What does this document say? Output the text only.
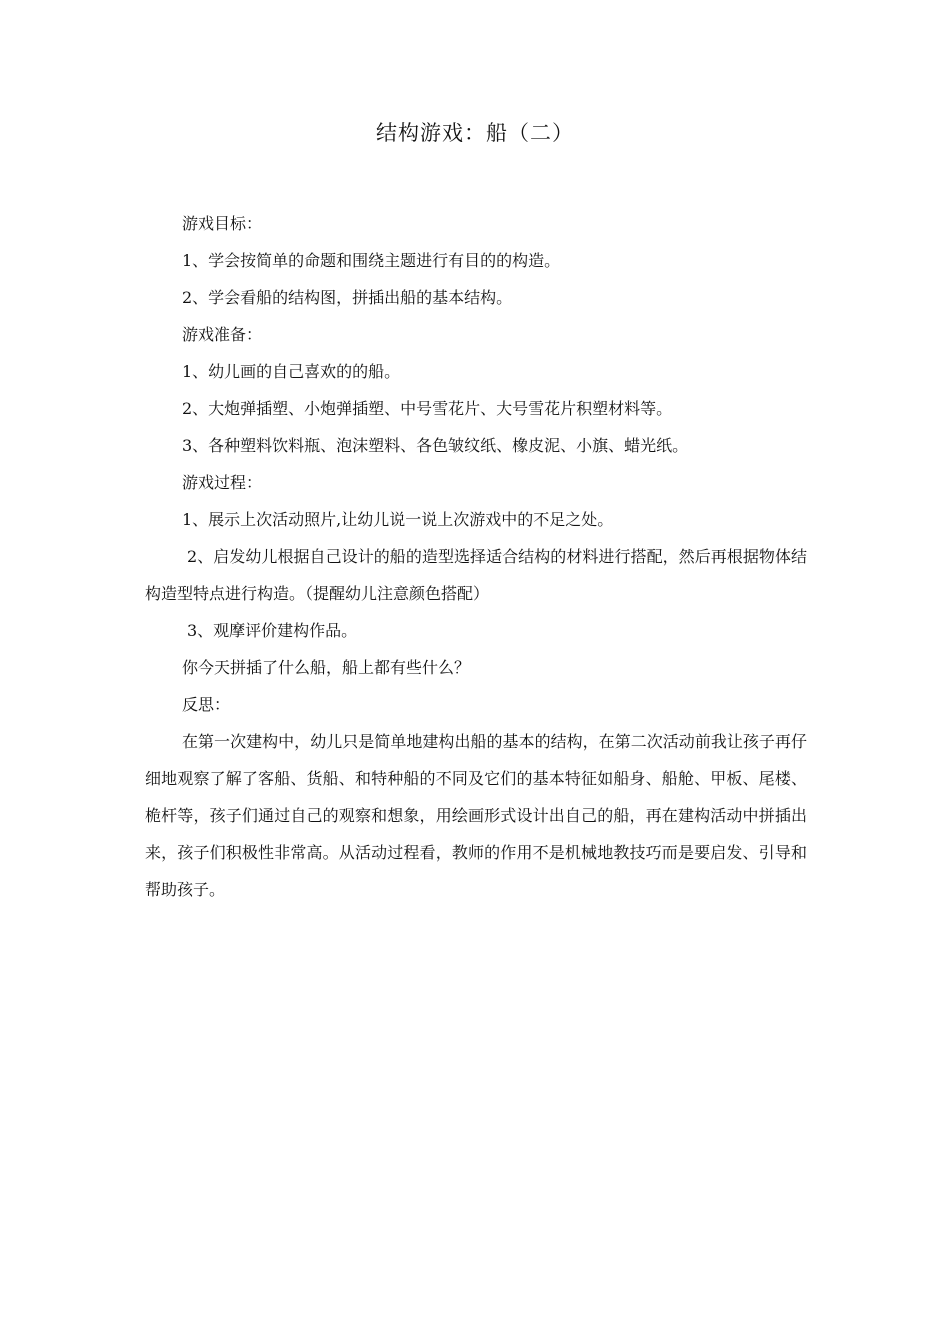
结构游戏：船（二）

游戏目标：

1、学会按简单的命题和围绕主题进行有目的的构造。

2、学会看船的结构图，拼插出船的基本结构。

游戏准备：

1、幼儿画的自己喜欢的的船。

2、大炮弹插塑、小炮弹插塑、中号雪花片、大号雪花片积塑材料等。

3、各种塑料饮料瓶、泡沫塑料、各色皱纹纸、橡皮泥、小旗、蜡光纸。

游戏过程：

1、展示上次活动照片,让幼儿说一说上次游戏中的不足之处。

2、启发幼儿根据自己设计的船的造型选择适合结构的材料进行搭配，然后再根据物体结构造型特点进行构造。（提醒幼儿注意颜色搭配）

3、观摩评价建构作品。

你今天拼插了什么船，船上都有些什么？

反思：

在第一次建构中，幼儿只是简单地建构出船的基本的结构，在第二次活动前我让孩子再仔细地观察了解了客船、货船、和特种船的不同及它们的基本特征如船身、船舱、甲板、尾楼、桅杆等，孩子们通过自己的观察和想象，用绘画形式设计出自己的船，再在建构活动中拼插出来，孩子们积极性非常高。从活动过程看，教师的作用不是机械地教技巧而是要启发、引导和帮助孩子。
